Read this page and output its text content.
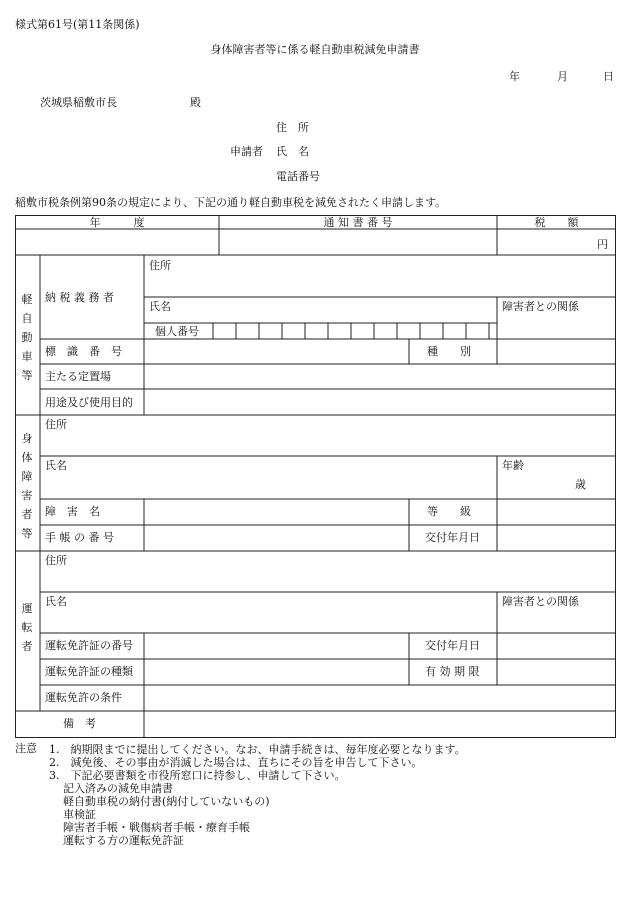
様式第61号(第11条関係)
身体障害者等に係る軽自動車税減免申請書
年	月	日
茨城県稲敷市長	殿
住　所
申請者 氏　名
電話番号
稲敷市税条例第90条の規定により、下記の通り軽自動車税を減免されたく申請します。
年　　　度	通 知 書 番 号	税　　額
円
軽自動車等
身体障害者等
運転者
納 税 義 務 者
住所
氏名	障害者との関係
個人番号
標　識　番　号	種　　別
主たる定置場
用途及び使用目的
住所
氏名	年齢
歳
障　害　名	等　　級
手 帳 の 番 号	交付年月日
住所
氏名	障害者との関係
運転免許証の番号	交付年月日
運転免許証の種類	有 効 期 限
運転免許の条件
備　考
注意 1.　納期限までに提出してください。なお、申請手続きは、毎年度必要となります。
2.　減免後、その事由が消滅した場合は、直ちにその旨を申告して下さい。
3.　下記必要書類を市役所窓口に持参し、申請して下さい。
記入済みの減免申請書
軽自動車税の納付書(納付していないもの)
車検証
障害者手帳・戦傷病者手帳・療育手帳
運転する方の運転免許証
